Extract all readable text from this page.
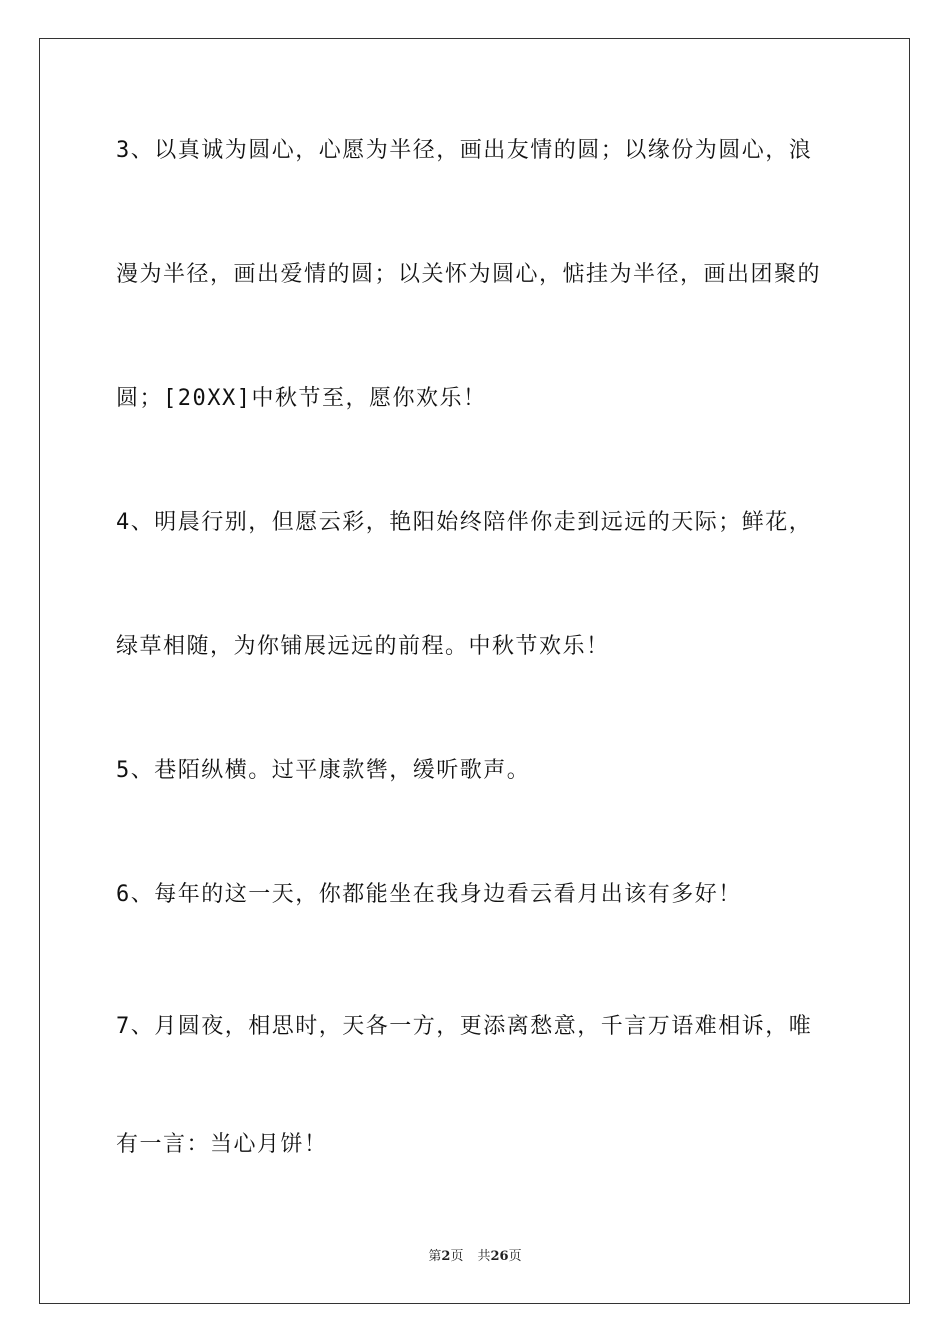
3、以真诚为圆心，心愿为半径，画出友情的圆；以缘份为圆心，浪
漫为半径，画出爱情的圆；以关怀为圆心，惦挂为半径，画出团聚的
圆；[20XX]中秋节至，愿你欢乐！
4、明晨行别，但愿云彩，艳阳始终陪伴你走到远远的天际；鲜花，
绿草相随，为你铺展远远的前程。中秋节欢乐！
5、巷陌纵横。过平康款辔，缓听歌声。
6、每年的这一天，你都能坐在我身边看云看月出该有多好！
7、月圆夜，相思时，天各一方，更添离愁意，千言万语难相诉，唯
有一言：当心月饼！
第2页 共26页
